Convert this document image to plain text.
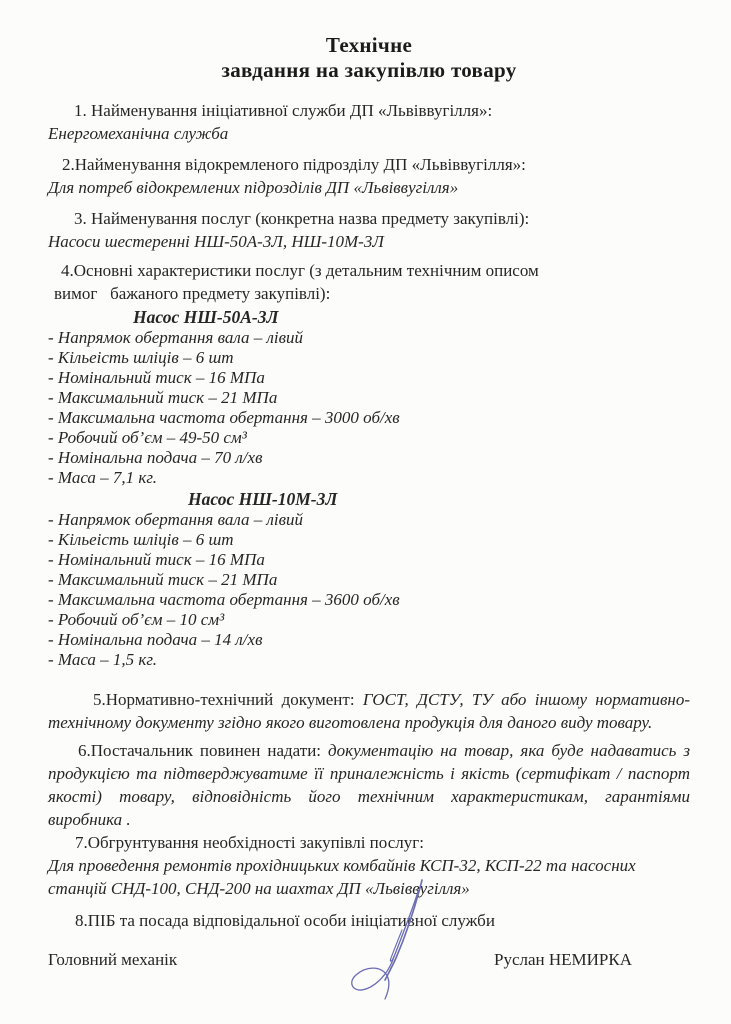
Технічне
завдання на закупівлю товару
1. Найменування ініціативної служби ДП «Львіввугілля»:
Енергомеханічна служба
2.Найменування відокремленого підрозділу ДП «Львіввугілля»:
Для потреб відокремлених підрозділів ДП «Львіввугілля»
3. Найменування послуг (конкретна назва предмету закупівлі):
Насоси шестеренні НШ-50А-3Л, НШ-10М-3Л
4.Основні характеристики послуг (з детальним технічним описом
вимог   бажаного предмету закупівлі):
Насос НШ-50А-3Л
- Напрямок обертання вала – лівий
- Кільеість шліців – 6 шт
- Номінальний тиск – 16 МПа
- Максимальний тиск – 21 МПа
- Максимальна частота обертання – 3000 об/хв
- Робочий об’єм – 49-50 см³
- Номінальна подача – 70 л/хв
- Маса – 7,1 кг.
Насос НШ-10М-3Л
- Напрямок обертання вала – лівий
- Кільеість шліців – 6 шт
- Номінальний тиск – 16 МПа
- Максимальний тиск – 21 МПа
- Максимальна частота обертання – 3600 об/хв
- Робочий об’єм – 10 см³
- Номінальна подача – 14 л/хв
- Маса – 1,5 кг.

5.Нормативно-технічний документ: ГОСТ, ДСТУ, ТУ або іншому нормативно-технічному документу згідно якого виготовлена продукція для даного виду товару.

6.Постачальник повинен надати: документацію на товар, яка буде надаватись з продукцією та підтверджуватиме її приналежність і якість (сертифікат / паспорт якості) товару, відповідність його технічним характеристикам, гарантіями виробника .

7.Обгрунтування необхідності закупівлі послуг:
Для проведення ремонтів прохідницьких комбайнів КСП-32, КСП-22 та насосних станцій СНД-100, СНД-200 на шахтах ДП «Львіввугілля»
8.ПІБ та посада відповідальної особи ініціативної служби
Головний механік	Руслан НЕМИРКА
